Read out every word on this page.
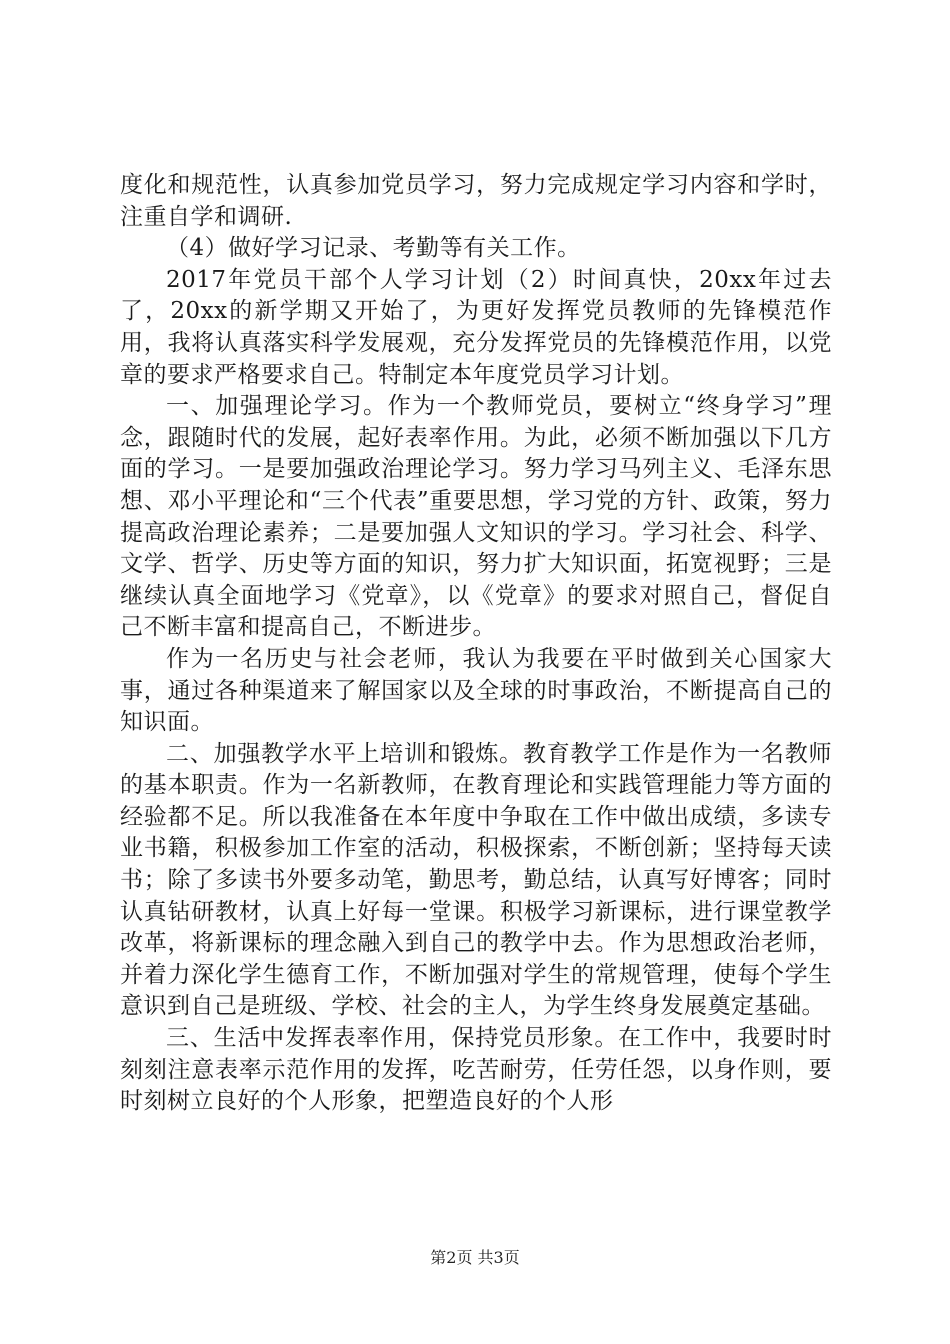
度化和规范性，认真参加党员学习，努力完成规定学习内容和学时，注重自学和调研.

（4）做好学习记录、考勤等有关工作。

2017年党员干部个人学习计划（2）时间真快，20xx年过去了，20xx的新学期又开始了，为更好发挥党员教师的先锋模范作用，我将认真落实科学发展观，充分发挥党员的先锋模范作用，以党章的要求严格要求自己。特制定本年度党员学习计划。

一、加强理论学习。作为一个教师党员，要树立“终身学习”理念，跟随时代的发展，起好表率作用。为此，必须不断加强以下几方面的学习。一是要加强政治理论学习。努力学习马列主义、毛泽东思想、邓小平理论和“三个代表”重要思想，学习党的方针、政策，努力提高政治理论素养；二是要加强人文知识的学习。学习社会、科学、文学、哲学、历史等方面的知识，努力扩大知识面，拓宽视野；三是继续认真全面地学习《党章》，以《党章》的要求对照自己，督促自己不断丰富和提高自己，不断进步。

作为一名历史与社会老师，我认为我要在平时做到关心国家大事，通过各种渠道来了解国家以及全球的时事政治，不断提高自己的知识面。

二、加强教学水平上培训和锻炼。教育教学工作是作为一名教师的基本职责。作为一名新教师，在教育理论和实践管理能力等方面的经验都不足。所以我准备在本年度中争取在工作中做出成绩，多读专业书籍，积极参加工作室的活动，积极探索，不断创新；坚持每天读书；除了多读书外要多动笔，勤思考，勤总结，认真写好博客；同时认真钻研教材，认真上好每一堂课。积极学习新课标，进行课堂教学改革，将新课标的理念融入到自己的教学中去。作为思想政治老师，并着力深化学生德育工作，不断加强对学生的常规管理，使每个学生意识到自己是班级、学校、社会的主人，为学生终身发展奠定基础。

三、生活中发挥表率作用，保持党员形象。在工作中，我要时时刻刻注意表率示范作用的发挥，吃苦耐劳，任劳任怨，以身作则，要时刻树立良好的个人形象，把塑造良好的个人形

第2页 共3页
